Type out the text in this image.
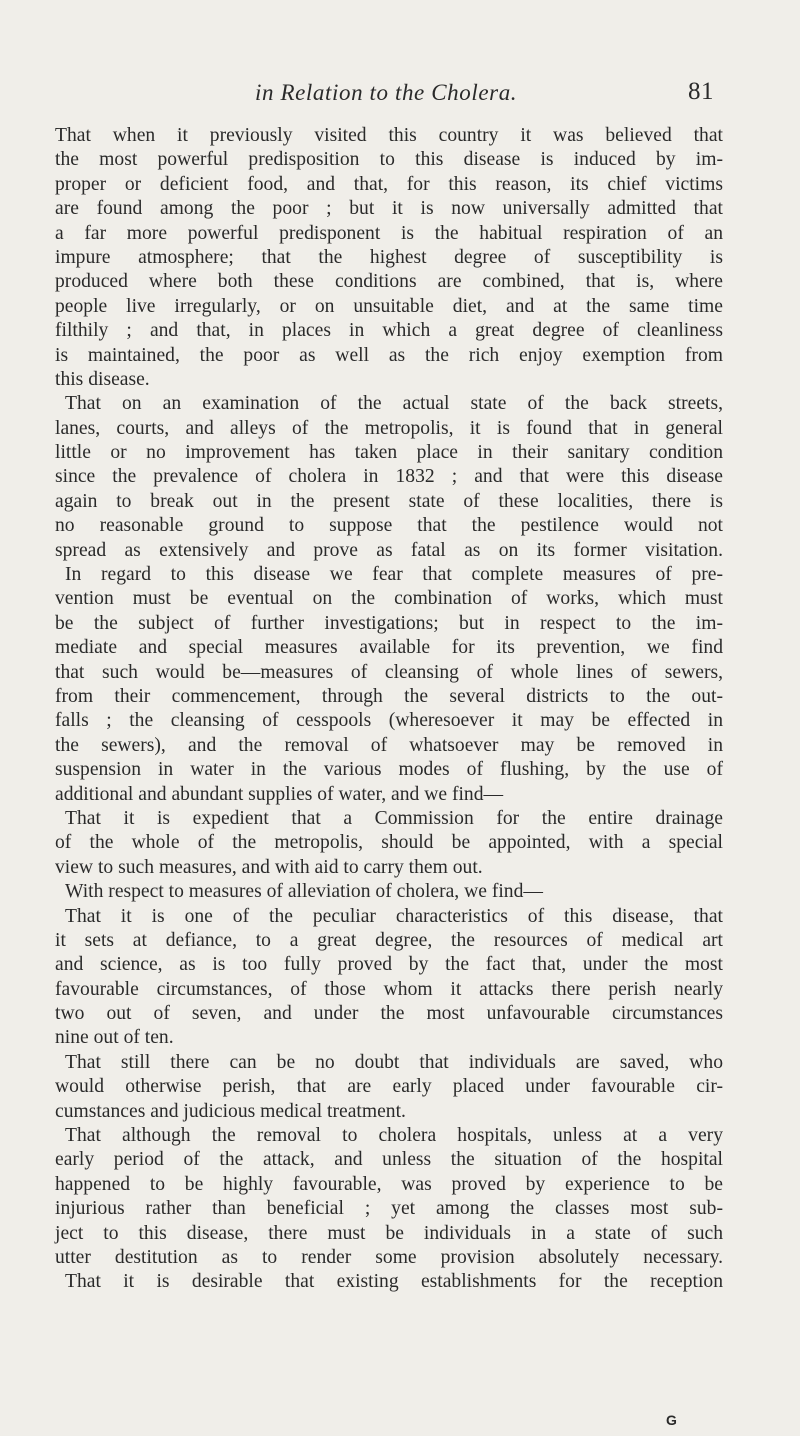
in Relation to the Cholera.	81
That when it previously visited this country it was believed that
the most powerful predisposition to this disease is induced by im-
proper or deficient food, and that, for this reason, its chief victims
are found among the poor ; but it is now universally admitted that
a far more powerful predisponent is the habitual respiration of an
impure atmosphere; that the highest degree of susceptibility is
produced where both these conditions are combined, that is, where
people live irregularly, or on unsuitable diet, and at the same time
filthily ; and that, in places in which a great degree of cleanliness
is maintained, the poor as well as the rich enjoy exemption from
this disease.
That on an examination of the actual state of the back streets,
lanes, courts, and alleys of the metropolis, it is found that in general
little or no improvement has taken place in their sanitary condition
since the prevalence of cholera in 1832 ; and that were this disease
again to break out in the present state of these localities, there is
no reasonable ground to suppose that the pestilence would not
spread as extensively and prove as fatal as on its former visitation.
In regard to this disease we fear that complete measures of pre-
vention must be eventual on the combination of works, which must
be the subject of further investigations; but in respect to the im-
mediate and special measures available for its prevention, we find
that such would be—measures of cleansing of whole lines of sewers,
from their commencement, through the several districts to the out-
falls ; the cleansing of cesspools (wheresoever it may be effected in
the sewers), and the removal of whatsoever may be removed in
suspension in water in the various modes of flushing, by the use of
additional and abundant supplies of water, and we find—
That it is expedient that a Commission for the entire drainage
of the whole of the metropolis, should be appointed, with a special
view to such measures, and with aid to carry them out.
With respect to measures of alleviation of cholera, we find—
That it is one of the peculiar characteristics of this disease, that
it sets at defiance, to a great degree, the resources of medical art
and science, as is too fully proved by the fact that, under the most
favourable circumstances, of those whom it attacks there perish nearly
two out of seven, and under the most unfavourable circumstances
nine out of ten.
That still there can be no doubt that individuals are saved, who
would otherwise perish, that are early placed under favourable cir-
cumstances and judicious medical treatment.
That although the removal to cholera hospitals, unless at a very
early period of the attack, and unless the situation of the hospital
happened to be highly favourable, was proved by experience to be
injurious rather than beneficial ; yet among the classes most sub-
ject to this disease, there must be individuals in a state of such
utter destitution as to render some provision absolutely necessary.
That it is desirable that existing establishments for the reception
G
